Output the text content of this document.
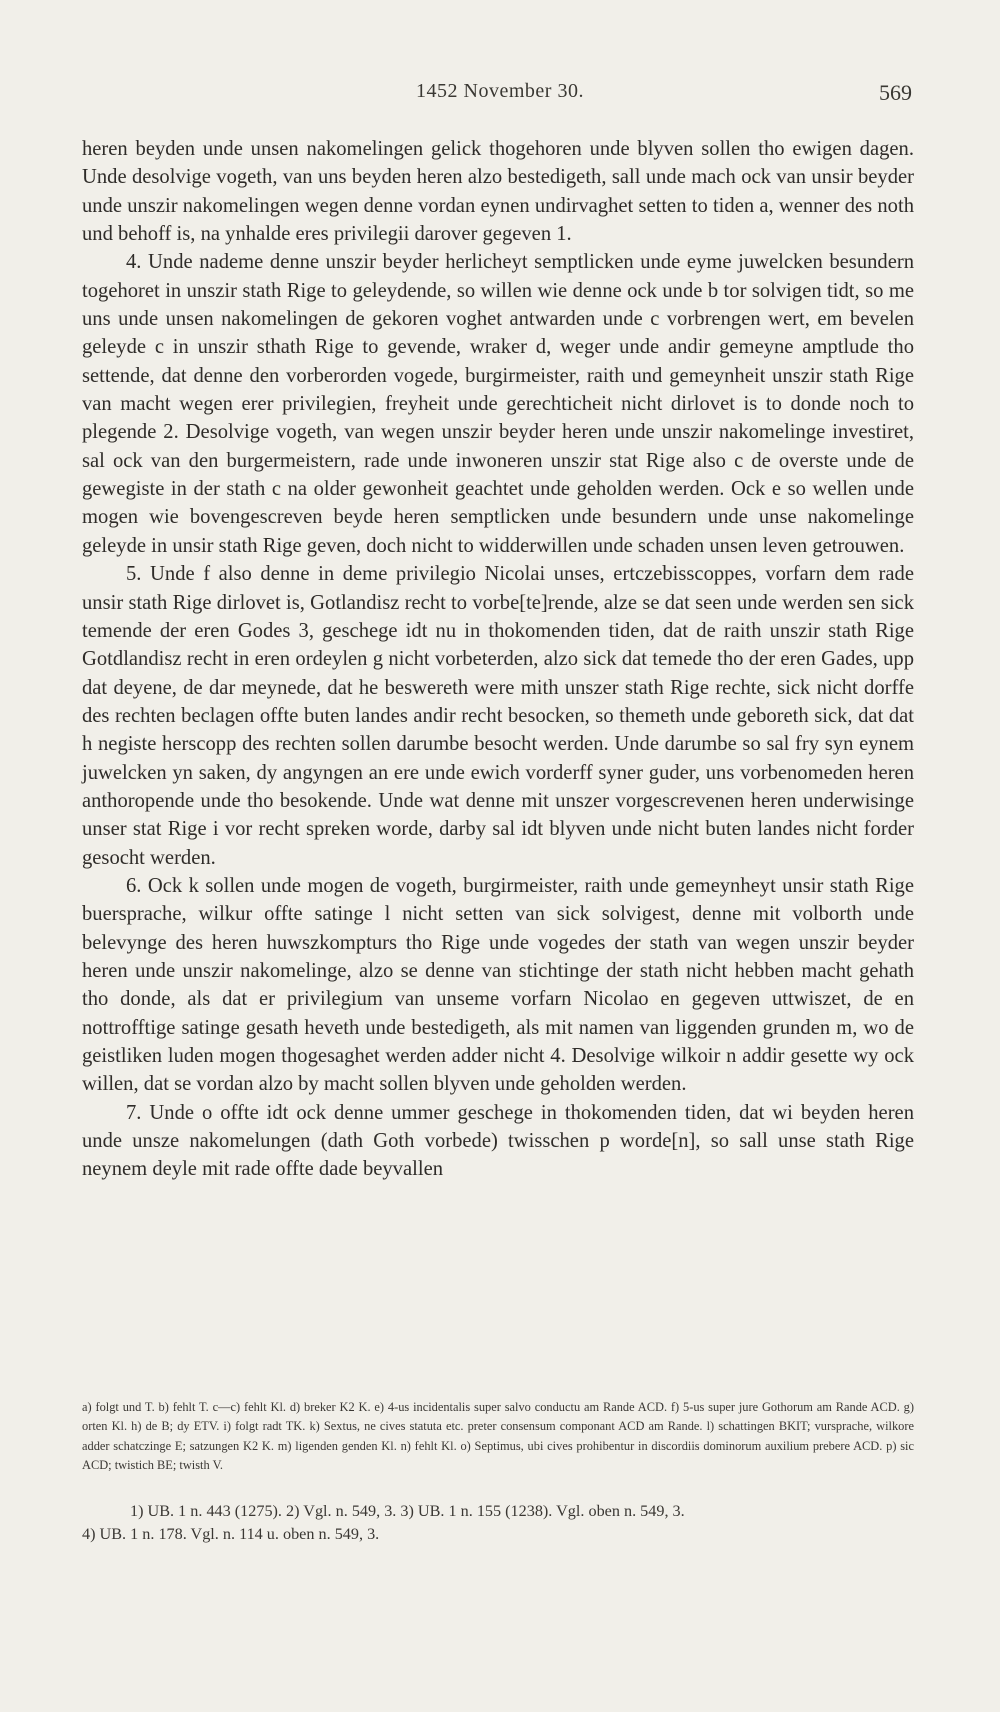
1452 November 30.	569

heren beyden unde unsen nakomelingen gelick thogehoren unde blyven sollen tho ewigen dagen. Unde desolvige vogeth, van uns beyden heren alzo bestedigeth, sall unde mach ock van unsir beyder unde unszir nakomelingen wegen denne vordan eynen undirvaghet setten to tiden a, wenner des noth und behoff is, na ynhalde eres privilegii darover gegeven 1.

4. Unde nademe denne unszir beyder herlicheyt semptlicken unde eyme juwelcken besundern togehoret in unszir stath Rige to geleydende, so willen wie denne ock unde b tor solvigen tidt, so me uns unde unsen nakomelingen de gekoren voghet antwarden unde c vorbrengen wert, em bevelen geleyde c in unszir sthath Rige to gevende, wraker d, weger unde andir gemeyne amptlude tho settende, dat denne den vorberorden vogede, burgirmeister, raith und gemeynheit unszir stath Rige van macht wegen erer privilegien, freyheit unde gerechticheit nicht dirlovet is to donde noch to plegende 2. Desolvige vogeth, van wegen unszir beyder heren unde unszir nakomelinge investiret, sal ock van den burgermeistern, rade unde inwoneren unszir stat Rige also c de overste unde de gewegiste in der stath c na older gewonheit geachtet unde geholden werden. Ock e so wellen unde mogen wie bovengescreven beyde heren semptlicken unde besundern unde unse nakomelinge geleyde in unsir stath Rige geven, doch nicht to widderwillen unde schaden unsen leven getrouwen.

5. Unde f also denne in deme privilegio Nicolai unses, ertczebisscoppes, vorfarn dem rade unsir stath Rige dirlovet is, Gotlandisz recht to vorbe[te]rende, alze se dat seen unde werden sen sick temende der eren Godes 3, geschege idt nu in thokomenden tiden, dat de raith unszir stath Rige Gotdlandisz recht in eren ordeylen g nicht vorbeterden, alzo sick dat temede tho der eren Gades, upp dat deyene, de dar meynede, dat he beswereth were mith unszer stath Rige rechte, sick nicht dorffe des rechten beclagen offte buten landes andir recht besocken, so themeth unde geboreth sick, dat dat h negiste herscopp des rechten sollen darumbe besocht werden. Unde darumbe so sal fry syn eynem juwelcken yn saken, dy angyngen an ere unde ewich vorderff syner guder, uns vorbenomeden heren anthoropende unde tho besokende. Unde wat denne mit unszer vorgescrevenen heren underwisinge unser stat Rige i vor recht spreken worde, darby sal idt blyven unde nicht buten landes nicht forder gesocht werden.

6. Ock k sollen unde mogen de vogeth, burgirmeister, raith unde gemeynheyt unsir stath Rige buersprache, wilkur offte satinge l nicht setten van sick solvigest, denne mit volborth unde belevynge des heren huwszkompturs tho Rige unde vogedes der stath van wegen unszir beyder heren unde unszir nakomelinge, alzo se denne van stichtinge der stath nicht hebben macht gehath tho donde, als dat er privilegium van unseme vorfarn Nicolao en gegeven uttwiszet, de en nottrofftige satinge gesath heveth unde bestedigeth, als mit namen van liggenden grunden m, wo de geistliken luden mogen thogesaghet werden adder nicht 4. Desolvige wilkoir n addir gesette wy ock willen, dat se vordan alzo by macht sollen blyven unde geholden werden.

7. Unde o offte idt ock denne ummer geschege in thokomenden tiden, dat wi beyden heren unde unsze nakomelungen (dath Goth vorbede) twisschen p worde[n], so sall unse stath Rige neynem deyle mit rade offte dade beyvallen

a) folgt und T. b) fehlt T. c—c) fehlt Kl. d) breker K2 K. e) 4-us incidentalis super salvo conductu am Rande ACD. f) 5-us super jure Gothorum am Rande ACD. g) orten Kl. h) de B; dy ETV. i) folgt radt TK. k) Sextus, ne cives statuta etc. preter consensum componant ACD am Rande. l) schattingen BKIT; vursprache, wilkore adder schatczinge E; satzungen K2 K. m) ligenden genden Kl. n) fehlt Kl. o) Septimus, ubi cives prohibentur in discordiis dominorum auxilium prebere ACD. p) sic ACD; twistich BE; twisth V.

1) UB. 1 n. 443 (1275). 2) Vgl. n. 549, 3. 3) UB. 1 n. 155 (1238). Vgl. oben n. 549, 3.

4) UB. 1 n. 178. Vgl. n. 114 u. oben n. 549, 3.
